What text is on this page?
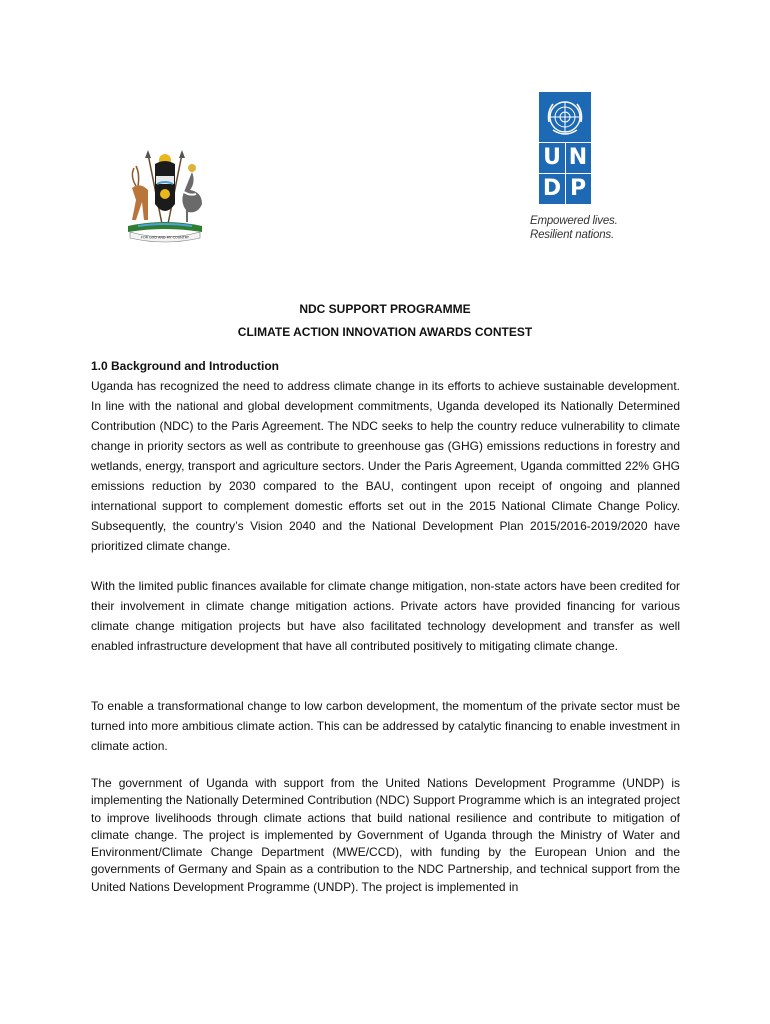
FOR GOD AND MY COUNTRY
U N
D P
Empowered lives.
Resilient nations.
NDC SUPPORT PROGRAMME
CLIMATE ACTION INNOVATION AWARDS CONTEST
1.0 Background and Introduction
Uganda has recognized the need to address climate change in its efforts to achieve sustainable development. In line with the national and global development commitments, Uganda developed its Nationally Determined Contribution (NDC) to the Paris Agreement. The NDC seeks to help the country reduce vulnerability to climate change in priority sectors as well as contribute to greenhouse gas (GHG) emissions reductions in forestry and wetlands, energy, transport and agriculture sectors. Under the Paris Agreement, Uganda committed 22% GHG emissions reduction by 2030 compared to the BAU, contingent upon receipt of ongoing and planned international support to complement domestic efforts set out in the 2015 National Climate Change Policy. Subsequently, the country’s Vision 2040 and the National Development Plan 2015/2016-2019/2020 have prioritized climate change.
With the limited public finances available for climate change mitigation, non-state actors have been credited for their involvement in climate change mitigation actions. Private actors have provided financing for various climate change mitigation projects but have also facilitated technology development and transfer as well enabled infrastructure development that have all contributed positively to mitigating climate change.
To enable a transformational change to low carbon development, the momentum of the private sector must be turned into more ambitious climate action. This can be addressed by catalytic financing to enable investment in climate action.
The government of Uganda with support from the United Nations Development Programme (UNDP) is implementing the Nationally Determined Contribution (NDC) Support Programme which is an integrated project to improve livelihoods through climate actions that build national resilience and contribute to mitigation of climate change. The project is implemented by Government of Uganda through the Ministry of Water and Environment/Climate Change Department (MWE/CCD), with funding by the European Union and the governments of Germany and Spain as a contribution to the NDC Partnership, and technical support from the United Nations Development Programme (UNDP). The project is implemented in
